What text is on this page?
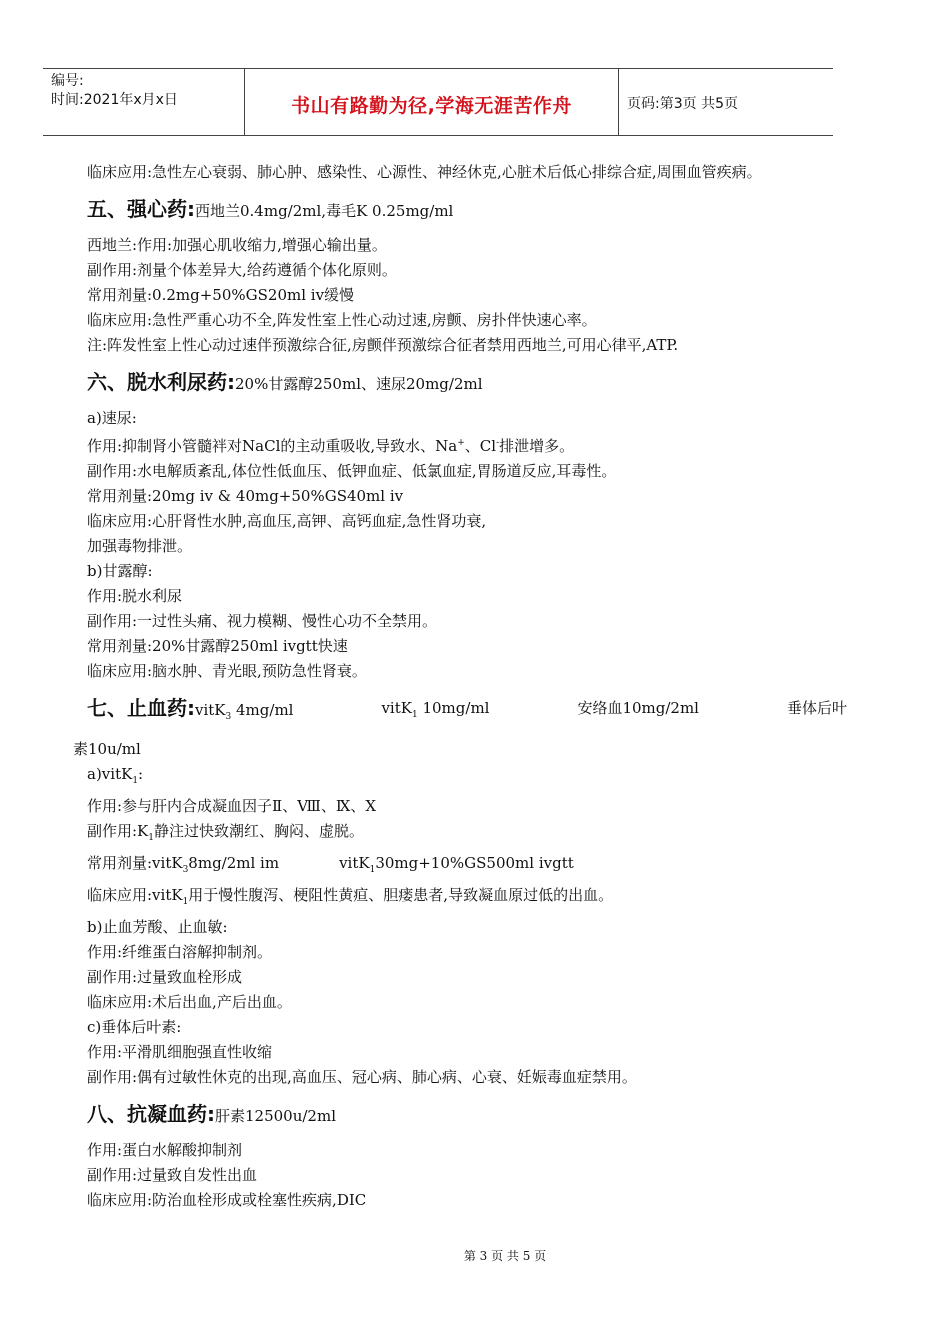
编号:
时间:2021年x月x日	书山有路勤为径,学海无涯苦作舟	页码:第3页 共5页

临床应用:急性左心衰弱、肺心肿、感染性、心源性、神经休克,心脏术后低心排综合症,周围血管疾病。

五、强心药:西地兰0.4mg/2ml,毒毛K 0.25mg/ml

西地兰:作用:加强心肌收缩力,增强心输出量。

副作用:剂量个体差异大,给药遵循个体化原则。

常用剂量:0.2mg+50%GS20ml iv缓慢

临床应用:急性严重心功不全,阵发性室上性心动过速,房颤、房扑伴快速心率。

注:阵发性室上性心动过速伴预激综合征,房颤伴预激综合征者禁用西地兰,可用心律平,ATP.

六、脱水利尿药:20%甘露醇250ml、速尿20mg/2ml

a)速尿:

作用:抑制肾小管髓袢对NaCl的主动重吸收,导致水、Na+、Cl-排泄增多。

副作用:水电解质紊乱,体位性低血压、低钾血症、低氯血症,胃肠道反应,耳毒性。

常用剂量:20mg iv & 40mg+50%GS40ml iv

临床应用:心肝肾性水肿,高血压,高钾、高钙血症,急性肾功衰,

加强毒物排泄。

b)甘露醇:

作用:脱水利尿

副作用:一过性头痛、视力模糊、慢性心功不全禁用。

常用剂量:20%甘露醇250ml ivgtt快速

临床应用:脑水肿、青光眼,预防急性肾衰。

七、止血药:vitK$_3$ 4mg/ml	vitK$_1$ 10mg/ml	安络血10mg/2ml	垂体后叶
素10u/ml

a)vitK$_1$:

作用:参与肝内合成凝血因子Ⅱ、Ⅷ、Ⅸ、Ⅹ

副作用$:K_1$静注过快致潮红、胸闷、虚脱。

常用剂量:vitK$_3$8mg/2ml im	vitK$_1$30mg+10%GS500ml ivgtt

临床应用:vitK$_1$用于慢性腹泻、梗阻性黄疸、胆瘘患者,导致凝血原过低的出血。

b)止血芳酸、止血敏:

作用:纤维蛋白溶解抑制剂。

副作用:过量致血栓形成

临床应用:术后出血,产后出血。

c)垂体后叶素:

作用:平滑肌细胞强直性收缩

副作用:偶有过敏性休克的出现,高血压、冠心病、肺心病、心衰、妊娠毒血症禁用。

八、抗凝血药:肝素12500u/2ml

作用:蛋白水解酸抑制剂

副作用:过量致自发性出血

临床应用:防治血栓形成或栓塞性疾病,DIC

第 3 页 共 5 页
